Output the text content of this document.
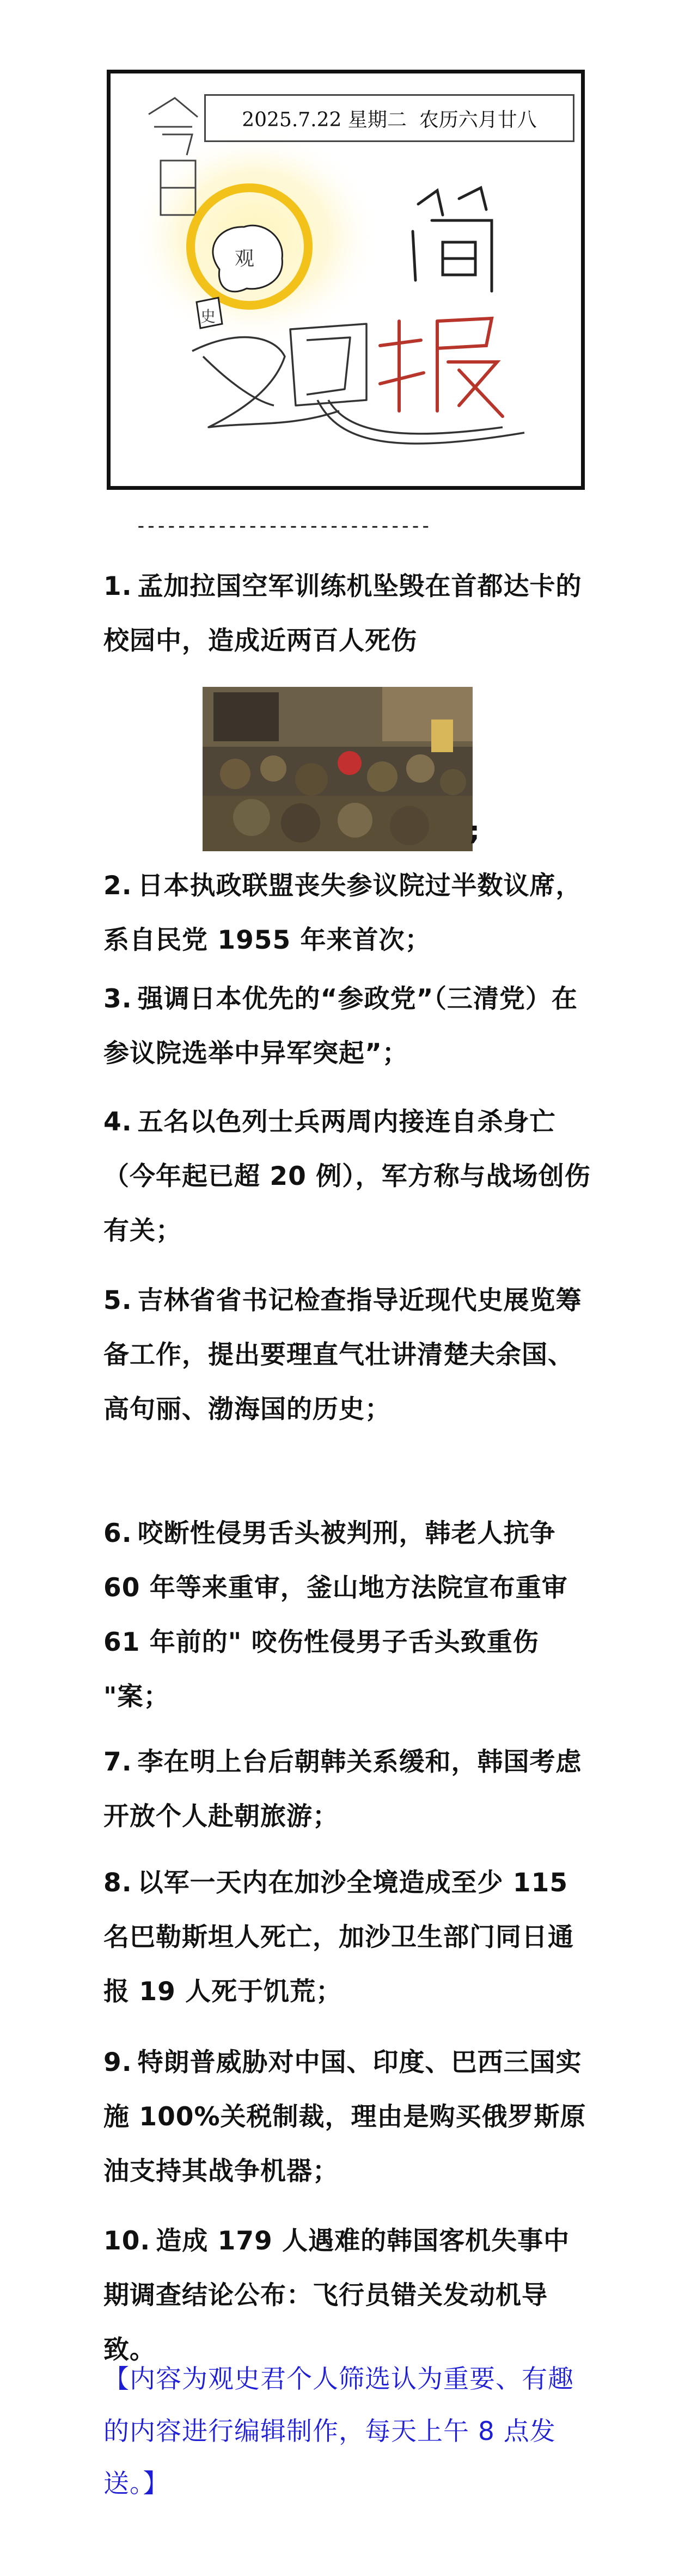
观
史
2025.7.22 星期二  农历六月廿八
-----------------------------
1. 孟加拉国空军训练机坠毁在首都达卡的校园中，造成近两百人死伤
;
2. 日本执政联盟丧失参议院过半数议席，系自民党 1955 年来首次；
3. 强调日本优先的“参政党”（三清党）在参议院选举中异军突起”；
4. 五名以色列士兵两周内接连自杀身亡（今年起已超 20 例），军方称与战场创伤有关；
5. 吉林省省书记检查指导近现代史展览筹备工作，提出要理直气壮讲清楚夫余国、高句丽、渤海国的历史；
6. 咬断性侵男舌头被判刑，韩老人抗争 60 年等来重审，釜山地方法院宣布重审 61 年前的" 咬伤性侵男子舌头致重伤 "案；
7. 李在明上台后朝韩关系缓和，韩国考虑开放个人赴朝旅游；
8. 以军一天内在加沙全境造成至少 115 名巴勒斯坦人死亡，加沙卫生部门同日通报 19 人死于饥荒；
9. 特朗普威胁对中国、印度、巴西三国实施 100%关税制裁，理由是购买俄罗斯原油支持其战争机器；
10. 造成 179 人遇难的韩国客机失事中期调查结论公布：飞行员错关发动机导致。
【内容为观史君个人筛选认为重要、有趣的内容进行编辑制作，每天上午 8 点发送。】
